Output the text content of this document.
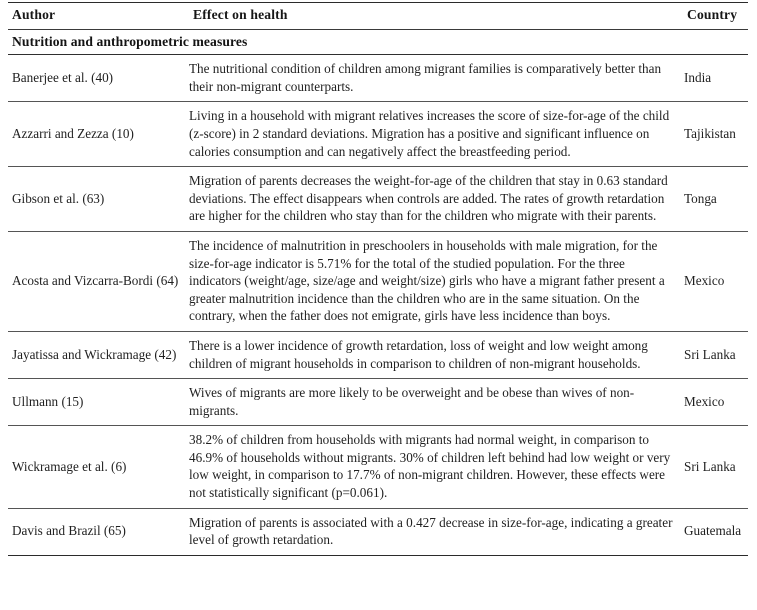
Author	Effect on health	Country
Nutrition and anthropometric measures		
Banerjee et al. (40)	The nutritional condition of children among migrant families is comparatively better than their non-migrant counterparts.	India
Azzarri and Zezza (10)	Living in a household with migrant relatives increases the score of size-for-age of the child (z-score) in 2 standard deviations. Migration has a positive and significant influence on calories consumption and can negatively affect the breastfeeding period.	Tajikistan
Gibson et al. (63)	Migration of parents decreases the weight-for-age of the children that stay in 0.63 standard deviations. The effect disappears when controls are added. The rates of growth retardation are higher for the children who stay than for the children who migrate with their parents.	Tonga
Acosta and Vizcarra-Bordi (64)	The incidence of malnutrition in preschoolers in households with male migration, for the size-for-age indicator is 5.71% for the total of the studied population. For the three indicators (weight/age, size/age and weight/size) girls who have a migrant father present a greater malnutrition incidence than the children who are in the same situation. On the contrary, when the father does not emigrate, girls have less incidence than boys.	Mexico
Jayatissa and Wickramage (42)	There is a lower incidence of growth retardation, loss of weight and low weight among children of migrant households in comparison to children of non-migrant households.	Sri Lanka
Ullmann (15)	Wives of migrants are more likely to be overweight and be obese than wives of non-migrants.	Mexico
Wickramage et al. (6)	38.2% of children from households with migrants had normal weight, in comparison to 46.9% of households without migrants. 30% of children left behind had low weight or very low weight, in comparison to 17.7% of non-migrant children. However, these effects were not statistically significant (p=0.061).	Sri Lanka
Davis and Brazil (65)	Migration of parents is associated with a 0.427 decrease in size-for-age, indicating a greater level of growth retardation.	Guatemala
